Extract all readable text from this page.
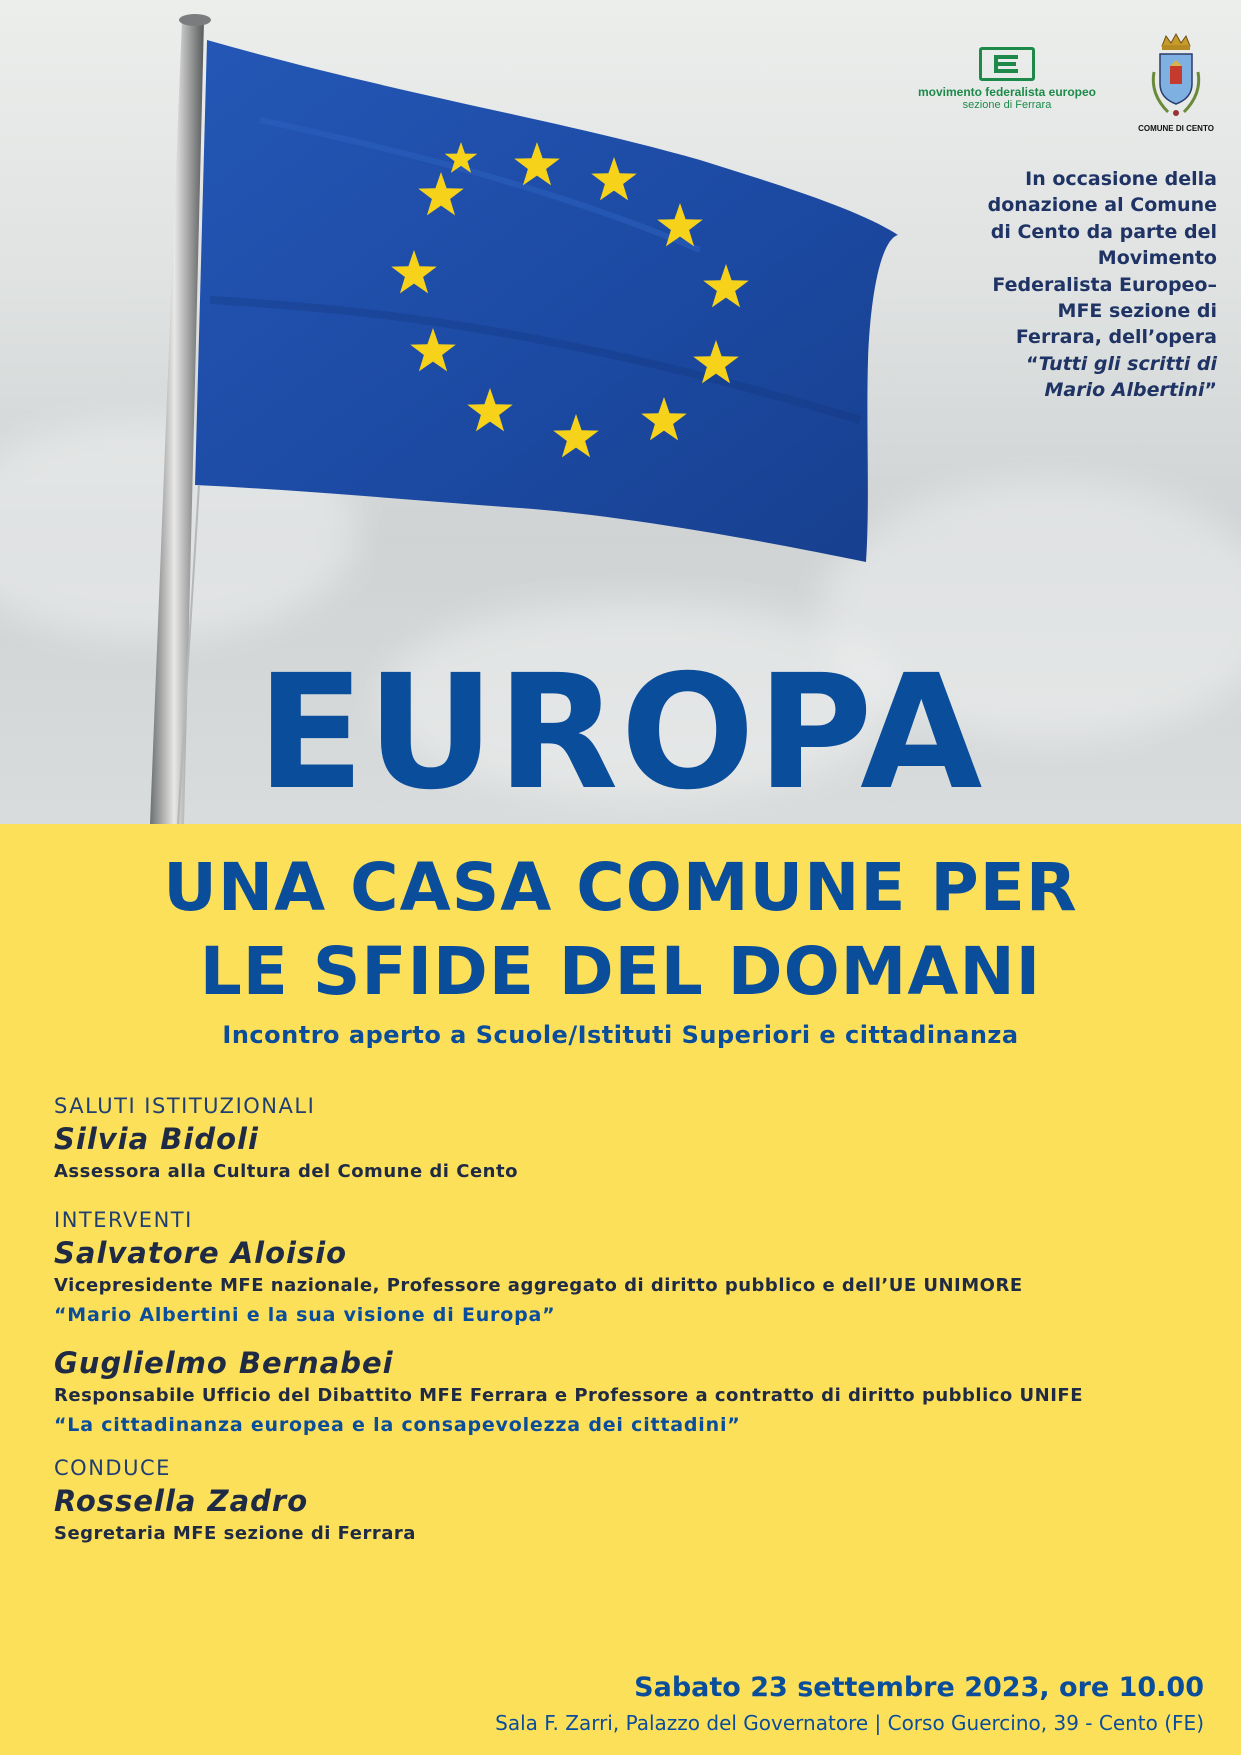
movimento federalista europeo
sezione di Ferrara
COMUNE DI CENTO
In occasione della
donazione al Comune
di Cento da parte del
Movimento
Federalista Europeo–
MFE sezione di
Ferrara, dell’opera
“Tutti gli scritti di
Mario Albertini”
EUROPA
UNA CASA COMUNE PER
LE SFIDE DEL DOMANI
Incontro aperto a Scuole/Istituti Superiori e cittadinanza
SALUTI ISTITUZIONALI
Silvia Bidoli
Assessora alla Cultura del Comune di Cento
INTERVENTI
Salvatore Aloisio
Vicepresidente MFE nazionale, Professore aggregato di diritto pubblico e dell’UE UNIMORE
“Mario Albertini e la sua visione di Europa”
Guglielmo Bernabei
Responsabile Ufficio del Dibattito MFE Ferrara e Professore a contratto di diritto pubblico UNIFE
“La cittadinanza europea e la consapevolezza dei cittadini”
CONDUCE
Rossella Zadro
Segretaria MFE sezione di Ferrara
Sabato 23 settembre 2023, ore 10.00
Sala F. Zarri, Palazzo del Governatore | Corso Guercino, 39 - Cento (FE)
